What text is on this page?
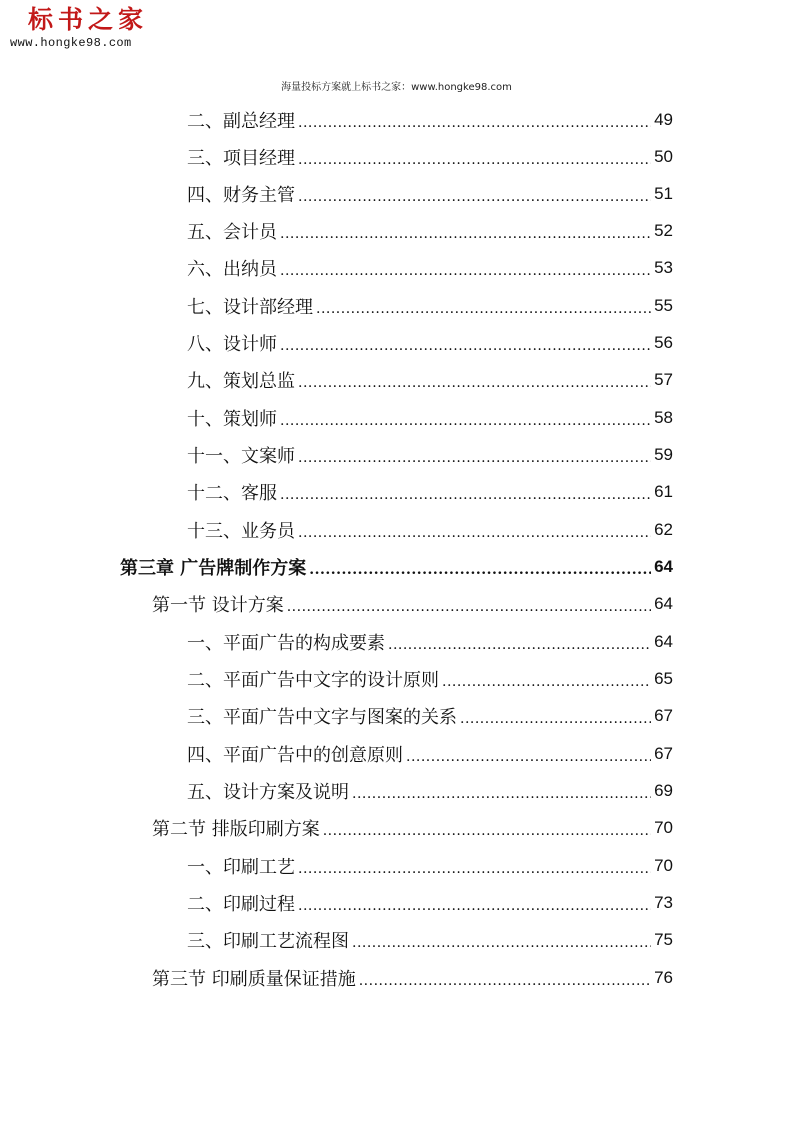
标书之家
www.hongke98.com
海量投标方案就上标书之家：www.hongke98.com
二、副总经理 .....	49
三、项目经理 .....	50
四、财务主管 .....	51
五、会计员 .....	52
六、出纳员 .....	53
七、设计部经理 .....	55
八、设计师 .....	56
九、策划总监 .....	57
十、策划师 .....	58
十一、文案师 .....	59
十二、客服 .....	61
十三、业务员 .....	62
第三章 广告牌制作方案 .....	64
第一节 设计方案 .....	64
一、平面广告的构成要素 .....	64
二、平面广告中文字的设计原则 .....	65
三、平面广告中文字与图案的关系 .....	67
四、平面广告中的创意原则 .....	67
五、设计方案及说明 .....	69
第二节 排版印刷方案 .....	70
一、印刷工艺 .....	70
二、印刷过程 .....	73
三、印刷工艺流程图 .....	75
第三节 印刷质量保证措施 .....	76
